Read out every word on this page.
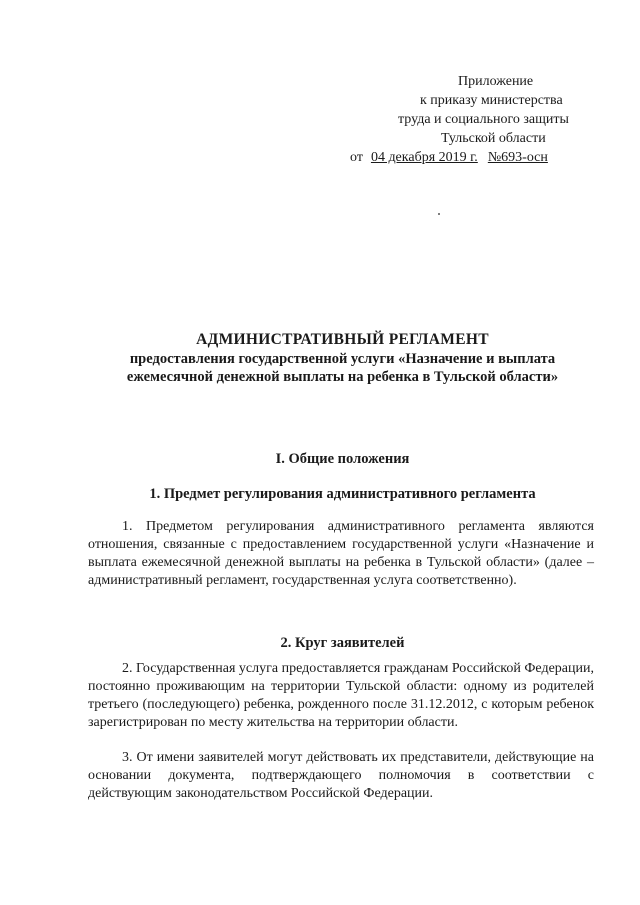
Приложение
к приказу министерства
труда и социального защиты
Тульской области
от 04 декабря 2019 г. №693-осн
АДМИНИСТРАТИВНЫЙ РЕГЛАМЕНТ
предоставления государственной услуги «Назначение и выплата
ежемесячной денежной выплаты на ребенка в Тульской области»
I. Общие положения
1. Предмет регулирования административного регламента
1. Предметом регулирования административного регламента являются отношения, связанные с предоставлением государственной услуги «Назначение и выплата ежемесячной денежной выплаты на ребенка в Тульской области» (далее – административный регламент, государственная услуга соответственно).
2. Круг заявителей
2. Государственная услуга предоставляется гражданам Российской Федерации, постоянно проживающим на территории Тульской области: одному из родителей третьего (последующего) ребенка, рожденного после 31.12.2012, с которым ребенок зарегистрирован по месту жительства на территории области.
3. От имени заявителей могут действовать их представители, действующие на основании документа, подтверждающего полномочия в соответствии с действующим законодательством Российской Федерации.
